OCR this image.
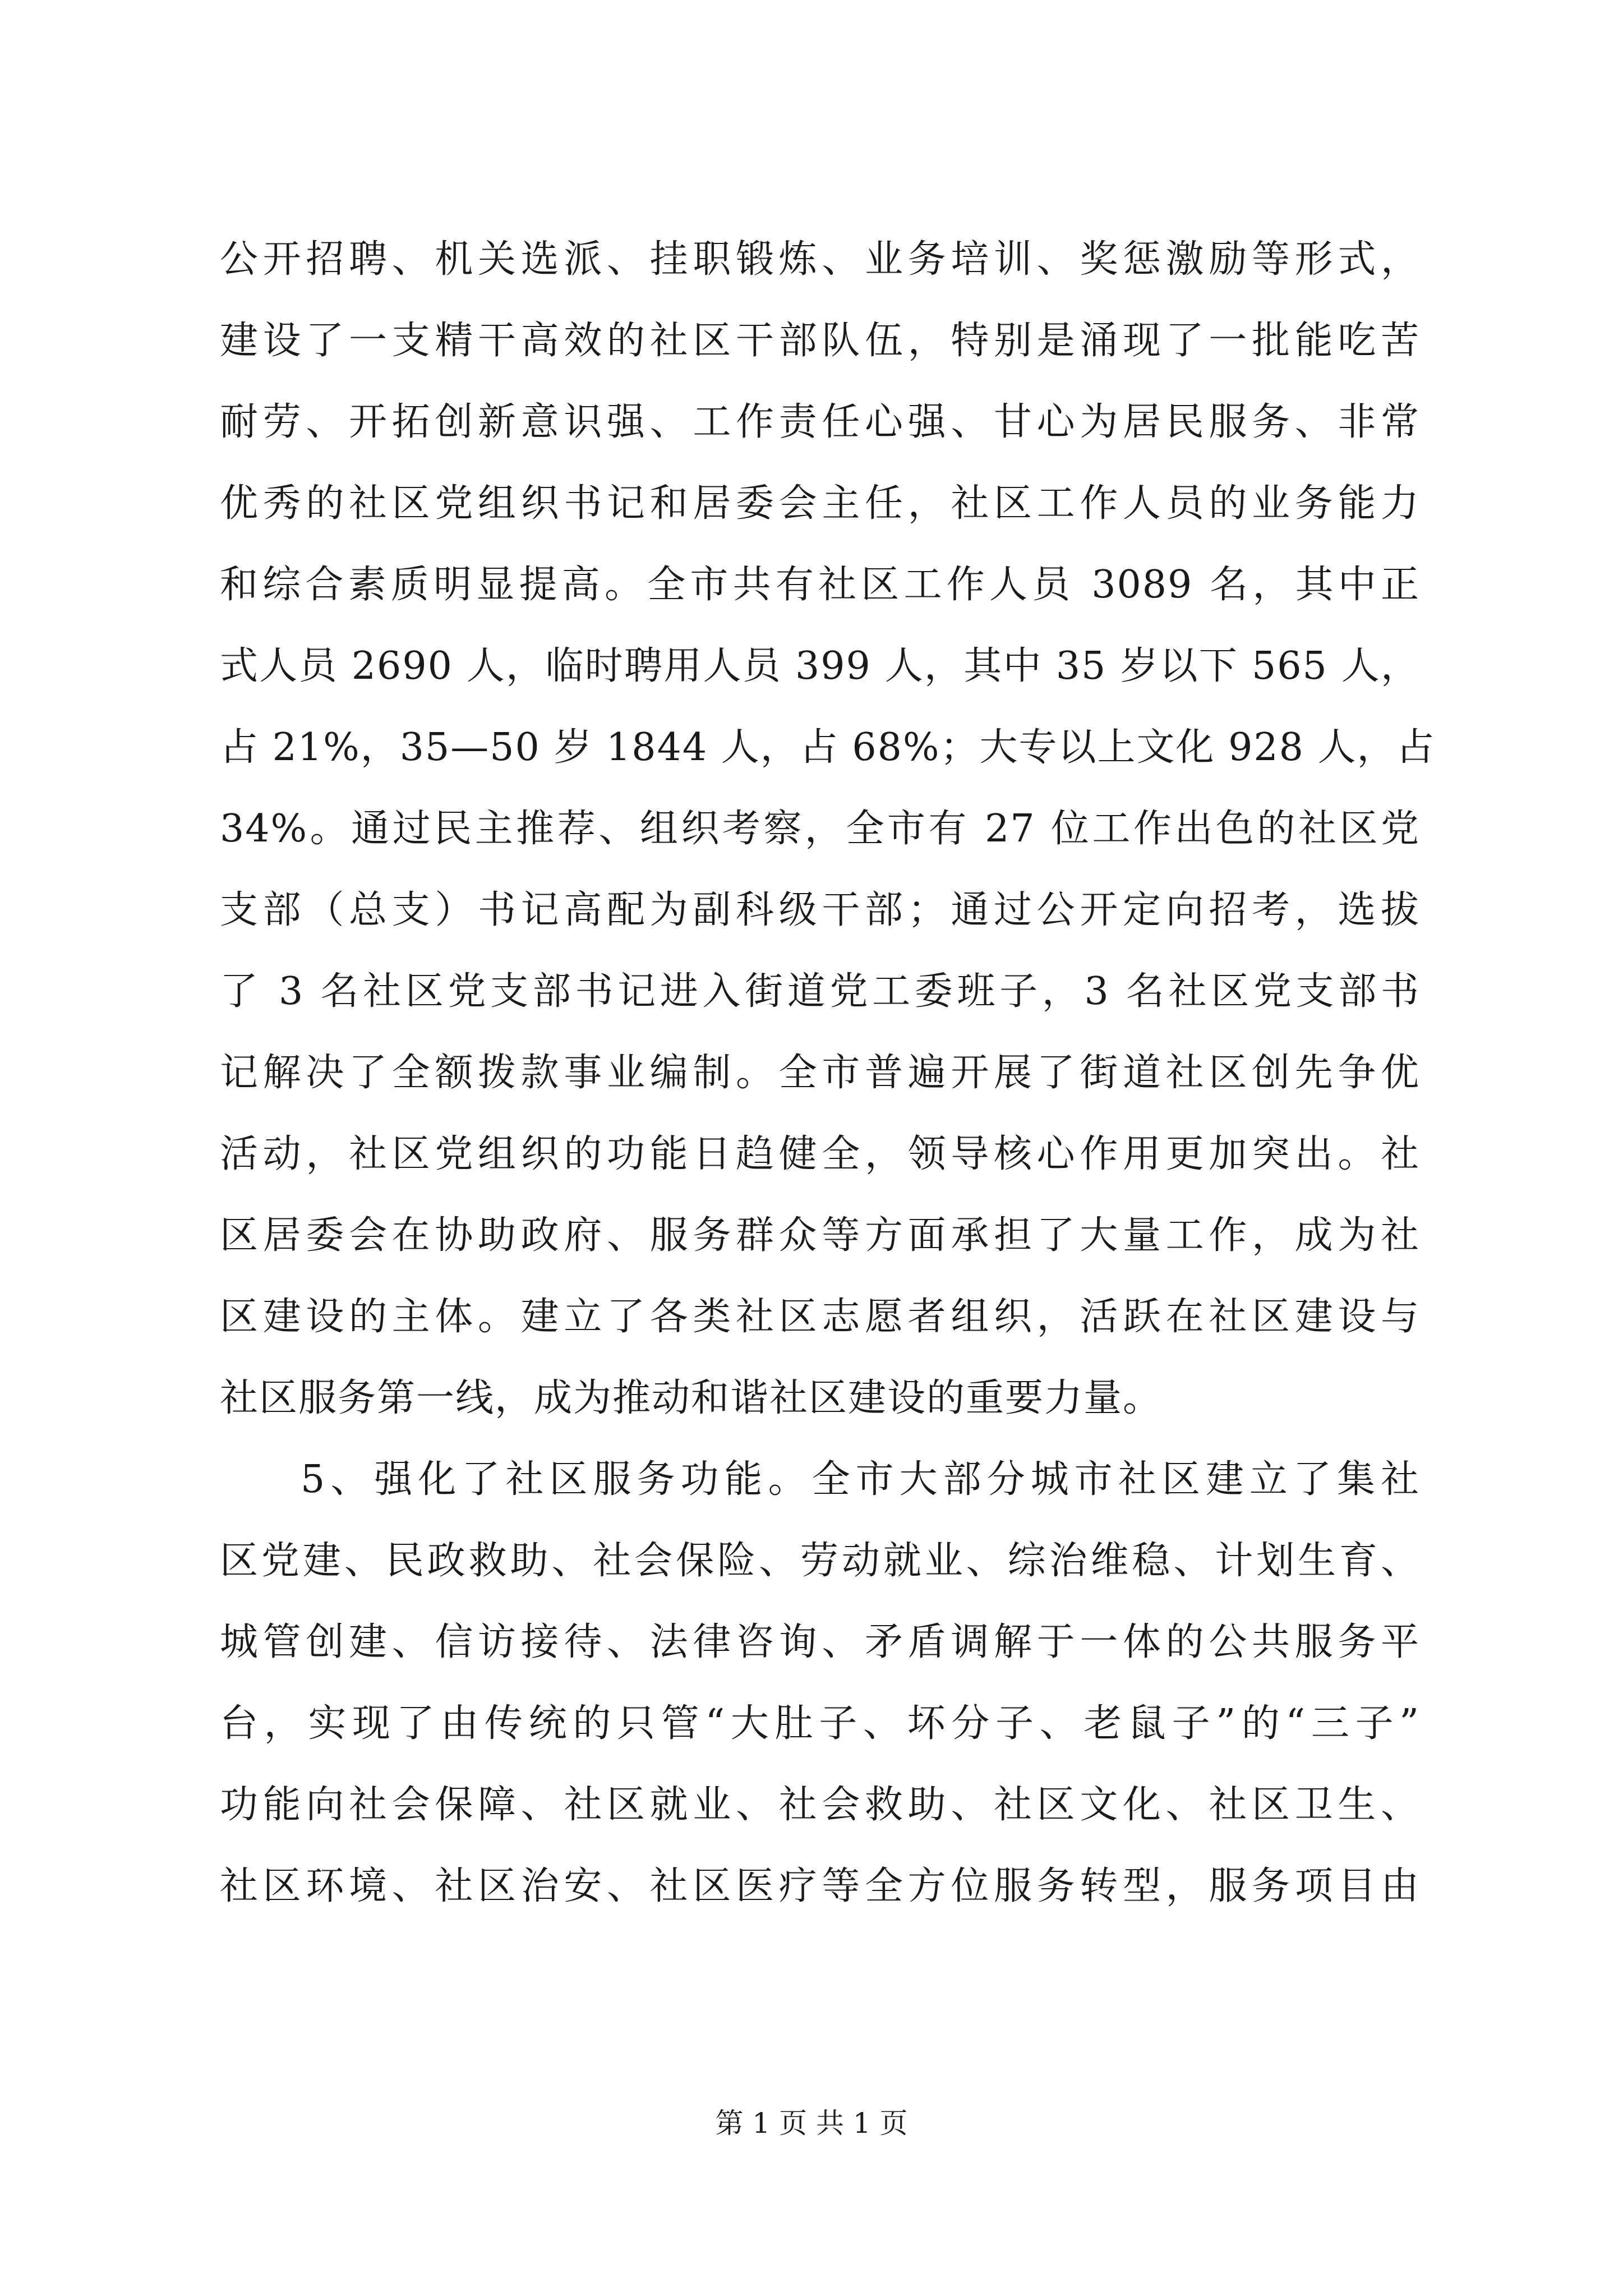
公开招聘、机关选派、挂职锻炼、业务培训、奖惩激励等形式，
建设了一支精干高效的社区干部队伍，特别是涌现了一批能吃苦
耐劳、开拓创新意识强、工作责任心强、甘心为居民服务、非常
优秀的社区党组织书记和居委会主任，社区工作人员的业务能力
和综合素质明显提高。全市共有社区工作人员 3089 名，其中正
式人员 2690 人，临时聘用人员 399 人，其中 35 岁以下 565 人，
占 21%，35—50 岁 1844 人，占 68%；大专以上文化 928 人，占
34%。通过民主推荐、组织考察，全市有 27 位工作出色的社区党
支部（总支）书记高配为副科级干部；通过公开定向招考，选拔
了 3 名社区党支部书记进入街道党工委班子，3 名社区党支部书
记解决了全额拨款事业编制。全市普遍开展了街道社区创先争优
活动，社区党组织的功能日趋健全，领导核心作用更加突出。社
区居委会在协助政府、服务群众等方面承担了大量工作，成为社
区建设的主体。建立了各类社区志愿者组织，活跃在社区建设与
社区服务第一线，成为推动和谐社区建设的重要力量。
5、强化了社区服务功能。全市大部分城市社区建立了集社
区党建、民政救助、社会保险、劳动就业、综治维稳、计划生育、
城管创建、信访接待、法律咨询、矛盾调解于一体的公共服务平
台，实现了由传统的只管“大肚子、坏分子、老鼠子”的“三子”
功能向社会保障、社区就业、社会救助、社区文化、社区卫生、
社区环境、社区治安、社区医疗等全方位服务转型，服务项目由
第 1 页 共 1 页
